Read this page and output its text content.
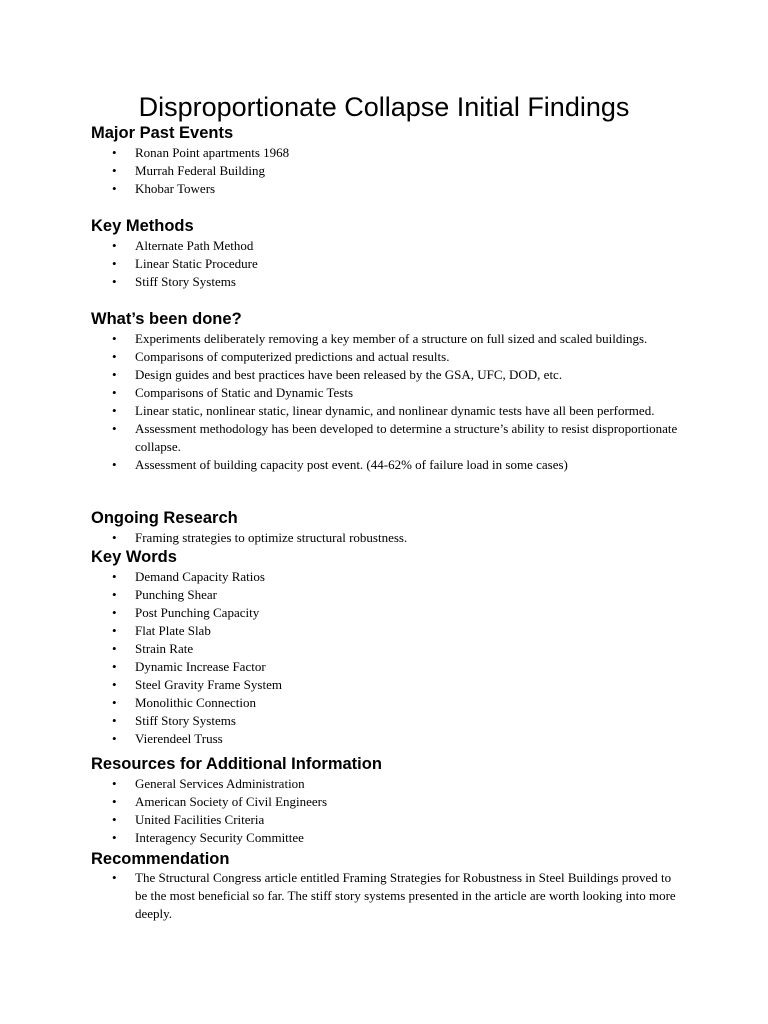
Disproportionate Collapse Initial Findings
Major Past Events
• Ronan Point apartments 1968
• Murrah Federal Building
• Khobar Towers
Key Methods
• Alternate Path Method
• Linear Static Procedure
• Stiff Story Systems
What’s been done?
• Experiments deliberately removing a key member of a structure on full sized and scaled buildings.
• Comparisons of computerized predictions and actual results.
• Design guides and best practices have been released by the GSA, UFC, DOD, etc.
• Comparisons of Static and Dynamic Tests
• Linear static, nonlinear static, linear dynamic, and nonlinear dynamic tests have all been performed.
• Assessment methodology has been developed to determine a structure’s ability to resist disproportionate collapse.
• Assessment of building capacity post event. (44-62% of failure load in some cases)
Ongoing Research
• Framing strategies to optimize structural robustness.
Key Words
• Demand Capacity Ratios
• Punching Shear
• Post Punching Capacity
• Flat Plate Slab
• Strain Rate
• Dynamic Increase Factor
• Steel Gravity Frame System
• Monolithic Connection
• Stiff Story Systems
• Vierendeel Truss
Resources for Additional Information
• General Services Administration
• American Society of Civil Engineers
• United Facilities Criteria
• Interagency Security Committee
Recommendation
• The Structural Congress article entitled Framing Strategies for Robustness in Steel Buildings proved to be the most beneficial so far. The stiff story systems presented in the article are worth looking into more deeply.
